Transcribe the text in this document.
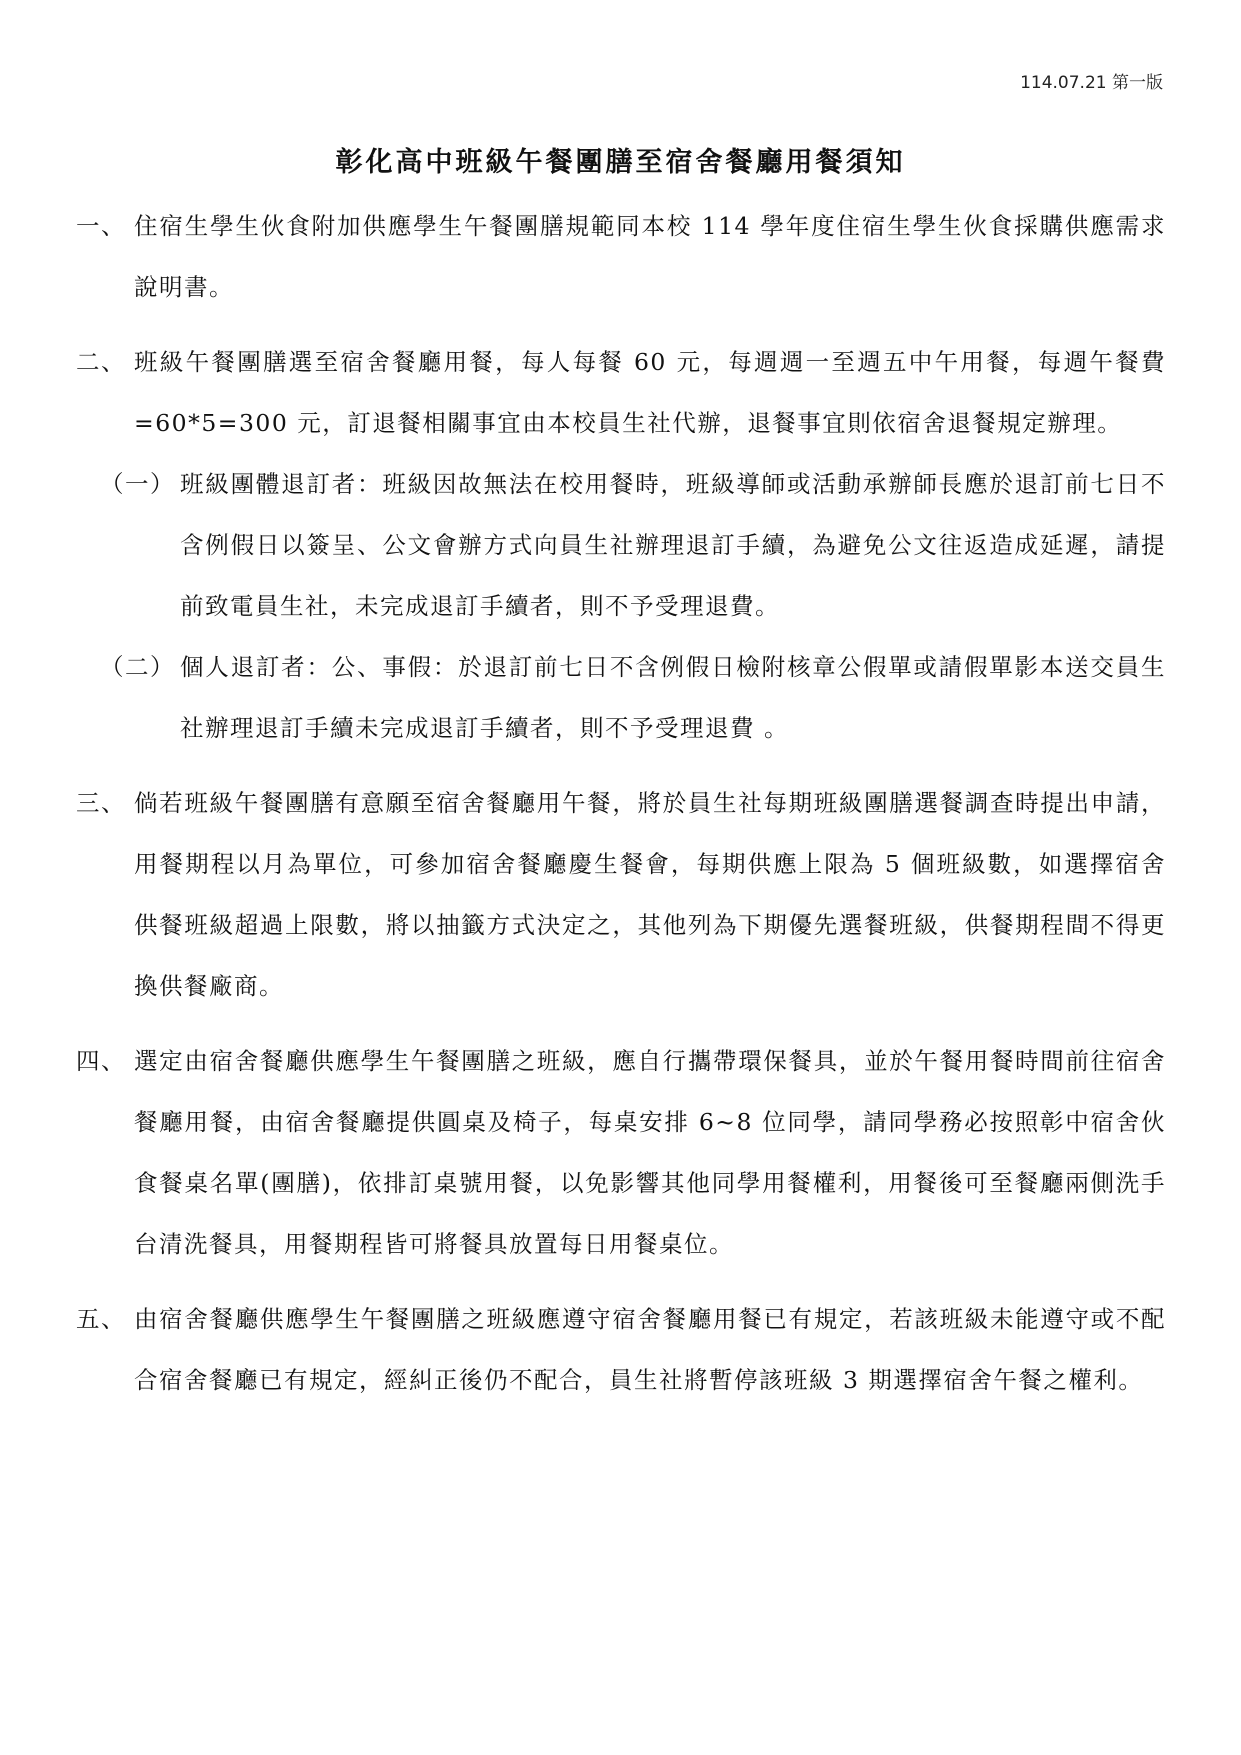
114.07.21 第一版
彰化高中班級午餐團膳至宿舍餐廳用餐須知
一、 住宿生學生伙食附加供應學生午餐團膳規範同本校 114 學年度住宿生學生伙食採購供應需求說明書。
二、 班級午餐團膳選至宿舍餐廳用餐，每人每餐 60 元，每週週一至週五中午用餐，每週午餐費=60*5=300 元，訂退餐相關事宜由本校員生社代辦，退餐事宜則依宿舍退餐規定辦理。
（一） 班級團體退訂者：班級因故無法在校用餐時，班級導師或活動承辦師長應於退訂前七日不含例假日以簽呈、公文會辦方式向員生社辦理退訂手續，為避免公文往返造成延遲，請提前致電員生社，未完成退訂手續者，則不予受理退費。
（二） 個人退訂者：公、事假：於退訂前七日不含例假日檢附核章公假單或請假單影本送交員生社辦理退訂手續未完成退訂手續者，則不予受理退費 。
三、 倘若班級午餐團膳有意願至宿舍餐廳用午餐，將於員生社每期班級團膳選餐調查時提出申請，用餐期程以月為單位，可參加宿舍餐廳慶生餐會，每期供應上限為 5 個班級數，如選擇宿舍供餐班級超過上限數，將以抽籤方式決定之，其他列為下期優先選餐班級，供餐期程間不得更換供餐廠商。
四、 選定由宿舍餐廳供應學生午餐團膳之班級，應自行攜帶環保餐具，並於午餐用餐時間前往宿舍餐廳用餐，由宿舍餐廳提供圓桌及椅子，每桌安排 6~8 位同學，請同學務必按照彰中宿舍伙食餐桌名單(團膳)，依排訂桌號用餐，以免影響其他同學用餐權利，用餐後可至餐廳兩側洗手台清洗餐具，用餐期程皆可將餐具放置每日用餐桌位。
五、 由宿舍餐廳供應學生午餐團膳之班級應遵守宿舍餐廳用餐已有規定，若該班級未能遵守或不配合宿舍餐廳已有規定，經糾正後仍不配合，員生社將暫停該班級 3 期選擇宿舍午餐之權利。
